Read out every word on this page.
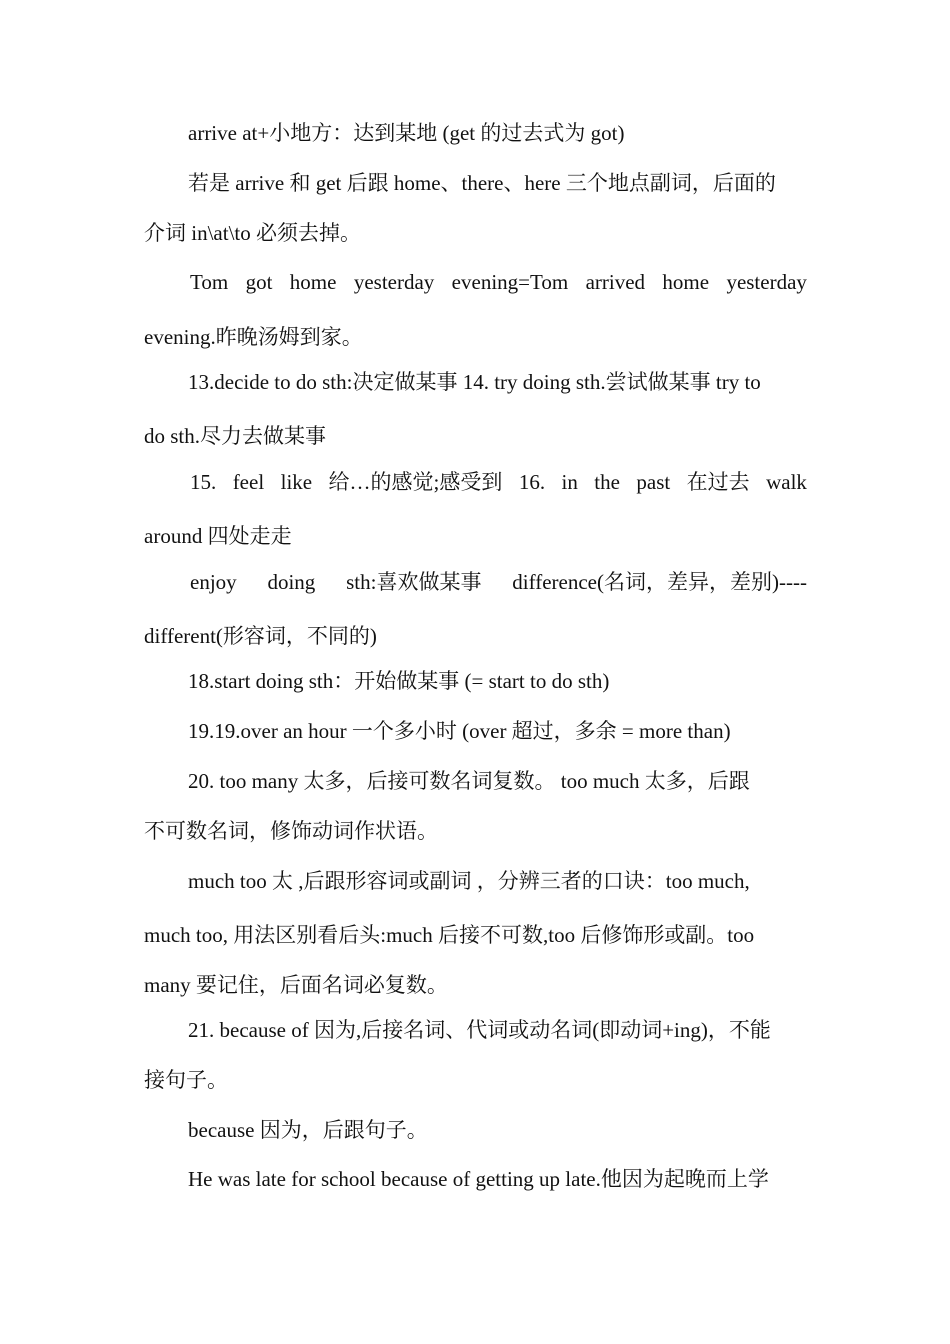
arrive at+小地方：达到某地 (get 的过去式为 got)
若是 arrive 和 get 后跟 home、there、here 三个地点副词，后面的
介词 in\at\to 必须去掉。
Tom got home yesterday evening=Tom arrived home yesterday
evening.昨晚汤姆到家。
13.decide to do sth:决定做某事 14. try doing sth.尝试做某事 try to
do sth.尽力去做某事
15. feel like 给…的感觉;感受到 16. in the past 在过去 walk
around 四处走走
enjoy doing sth:喜欢做某事 difference(名词，差异，差别)----
different(形容词，不同的)
18.start doing sth：开始做某事 (= start to do sth)
19.19.over an hour 一个多小时 (over 超过，多余 = more than)
20. too many 太多，后接可数名词复数。 too much 太多，后跟
不可数名词，修饰动词作状语。
much too 太 ,后跟形容词或副词 ，分辨三者的口诀：too much,
much too, 用法区别看后头:much 后接不可数,too 后修饰形或副。too
many 要记住，后面名词必复数。
21. because of 因为,后接名词、代词或动名词(即动词+ing)，不能
接句子。
because 因为，后跟句子。
He was late for school because of getting up late.他因为起晚而上学
